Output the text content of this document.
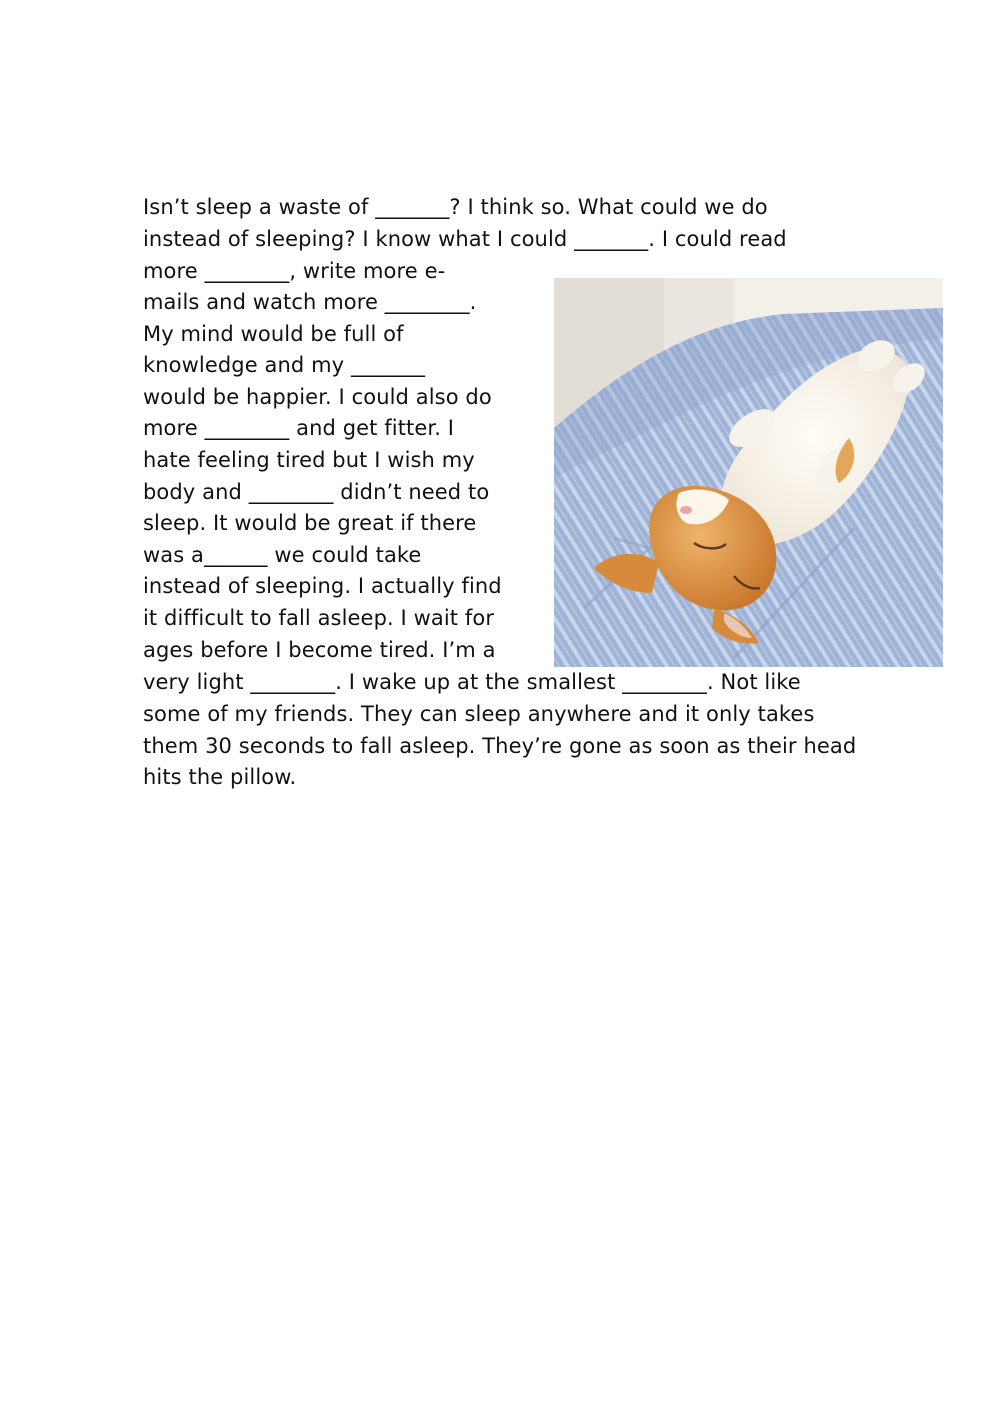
Isn’t sleep a waste of _______? I think so. What could we do
instead of sleeping? I know what I could _______. I could read
more ________, write more e-
mails and watch more ________.
My mind would be full of
knowledge and my _______
would be happier. I could also do
more ________ and get fitter. I
hate feeling tired but I wish my
body and ________ didn’t need to
sleep. It would be great if there
was a______ we could take
instead of sleeping. I actually find
it difficult to fall asleep. I wait for
ages before I become tired. I’m a
very light ________. I wake up at the smallest ________. Not like
some of my friends. They can sleep anywhere and it only takes
them 30 seconds to fall asleep. They’re gone as soon as their head
hits the pillow.
